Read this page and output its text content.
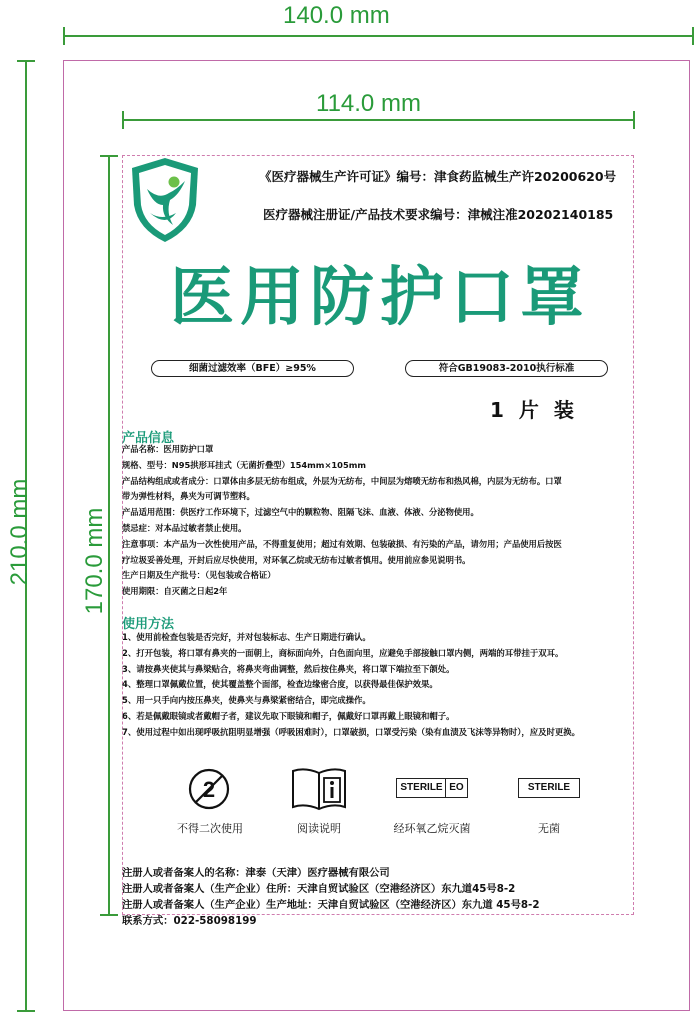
140.0 mm
114.0 mm
210.0 mm 170.0 mm
《医疗器械生产许可证》编号：津食药监械生产许20200620号
医疗器械注册证/产品技术要求编号：津械注准20202140185
医用防护口罩
细菌过滤效率（BFE）≥95%	符合GB19083-2010执行标准
1 片 装
产品信息
产品名称：医用防护口罩
规格、型号：N95拱形耳挂式（无菌折叠型）154mm×105mm
产品结构组成或者成分：口罩体由多层无纺布组成，外层为无纺布，中间层为熔喷无纺布和热风棉，内层为无纺布。口罩
带为弹性材料，鼻夹为可调节塑料。
产品适用范围：供医疗工作环境下，过滤空气中的颗粒物、阻隔飞沫、血液、体液、分泌物使用。
禁忌症：对本品过敏者禁止使用。
注意事项：本产品为一次性使用产品，不得重复使用；超过有效期、包装破损、有污染的产品，请勿用；产品使用后按医
疗垃圾妥善处理，开封后应尽快使用，对环氧乙烷或无纺布过敏者慎用。使用前应参见说明书。
生产日期及生产批号：（见包装或合格证）
使用期限：自灭菌之日起2年
使用方法
1、使用前检查包装是否完好，并对包装标志、生产日期进行确认。
2、打开包装，将口罩有鼻夹的一面朝上，商标面向外，白色面向里，应避免手部接触口罩内侧，两端的耳带挂于双耳。
3、请按鼻夹使其与鼻梁贴合，将鼻夹弯曲调整，然后按住鼻夹，将口罩下端拉至下颌处。
4、整理口罩佩戴位置，使其覆盖整个面部，检查边缘密合度，以获得最佳保护效果。
5、用一只手向内按压鼻夹，使鼻夹与鼻梁紧密结合，即完成操作。
6、若是佩戴眼镜或者戴帽子者，建议先取下眼镜和帽子，佩戴好口罩再戴上眼镜和帽子。
7、使用过程中如出现呼吸抗阻明显增强（呼吸困难时），口罩破损，口罩受污染（染有血渍及飞沫等异物时），应及时更换。
2
不得二次使用	阅读说明
STERILE EO
经环氧乙烷灭菌
STERILE
无菌
注册人或者备案人的名称：津泰（天津）医疗器械有限公司
注册人或者备案人（生产企业）住所：天津自贸试验区（空港经济区）东九道45号8-2
注册人或者备案人（生产企业）生产地址：天津自贸试验区（空港经济区）东九道 45号8-2
联系方式：022-58098199
